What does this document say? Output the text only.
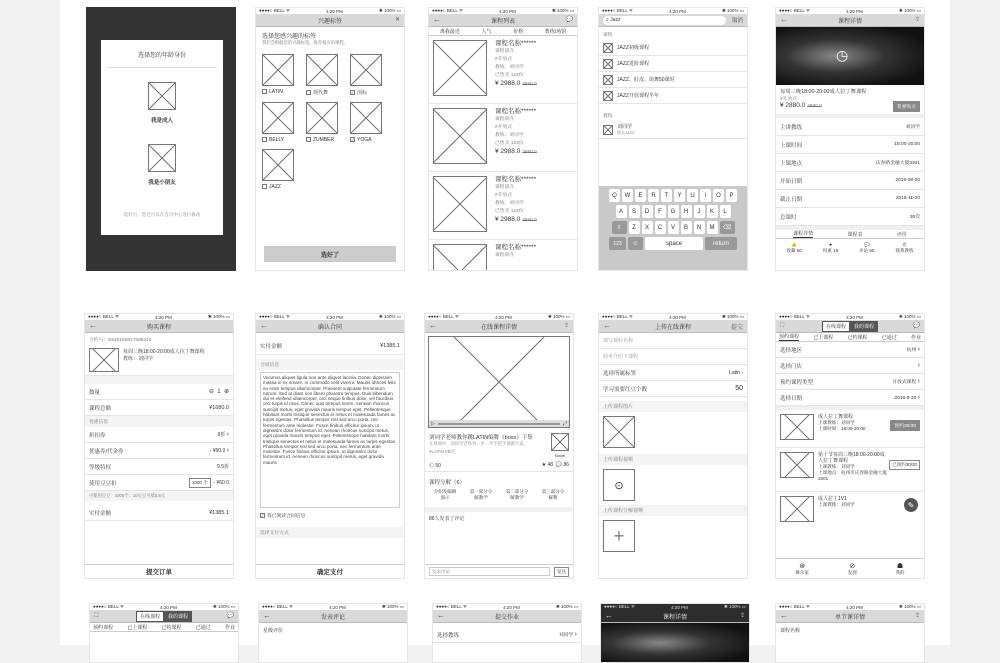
选择您的年龄身份
我是成人
我是小朋友
选好后，您还可以在会员中心进行修改
●●●●○ BELL ᯤ	4:20 PM	✱ 100% ▭
兴趣标签	✕
选择您感兴趣的标签
我们会根据您的兴趣标签，推荐相应的课程。
LATIN	现代舞	✓ 国标
BELLY	ZUMBER	✓ YOGA
JAZZ
选好了
●●●●○ BELL ᯤ	4:20 PM	✱ 100% ▭
←	课程列表	💬
离我最近	人气	价格	教练/场馆
课程名称******
课程简介
#开放式
教练：刘同学
已售卖 123份
¥ 2988.0 3980.0
课程名称******
课程简介
#开放式
教练：刘同学
已售卖 123份
¥ 2988.0 3980.0
课程名称******
课程简介
#开放式
教练：刘同学
已售卖 123份
¥ 2988.0 3980.0
课程名称******
课程简介
●●●●○ BELL ᯤ	4:20 PM	✱ 100% ▭
⌕
Jazz	取消
课程
JAZZ初级课程
JAZZ进阶课程
JAZZ、肚皮、街舞50课时
JAZZ开放课程半年
教练
刘同学
擅长JAZZ
Q	W	E	R	T	Y	U	I	O	P
A	S	D	F	G	H	J	K	L
⇧	Z	X	C	V	B	N	M	⌫
123	☺	space	return
●●●●○ BELL ᯤ	4:20 PM	✱ 100% ▭
←	课程详情	⇪
◷
每周三晚18:00-20:00成人拉丁舞课程
#开放式
¥ 2880.0 3980.0	我要购买
主讲教练	刘同学
上课时间	18:00-20:00
上课地点	庆春路金融大厦3301
开始日期	2016-08-20
截止日期	2016-11-20
总课时	30次
课程详情	课程表	评价
👍
收藏 60
★
权重 19
💬
评论 80
✆
联系教练
●●●●○ BELL ᯤ	4:20 PM	✱ 100% ▭
←	购买课程
合约号：E520160817586310
每周三晚18:00-20:00成人拉丁舞课程
教练：刘同学
数量	⊖  1  ⊕
课程总额	¥1680.0
优惠信息
折扣券	9折 ›
优惠券/代金券	- ¥50.0 ›
等级特权	9.5折
使用豆豆扣	1000 个 - ¥60.0
可使用豆豆：1000个；10豆豆可抵0.6元
实付金额	¥1385.1
提交订单
●●●●○ BELL ᯤ	4:20 PM	✱ 100% ▭
←	确认合同
实付金额	¥1385.1
合同信息
Vivamus aliquet ligula non ante aliquet lacinia. Donec dignissim massa in ex ornare, in commodo velit viverra. Mauris ultrices felis eu enim tempus ullamcorper. Praesent vulputate fermentum rutrum. Sed at diam non libero pharetra tempus. Duis bibendum, dui et eleifend ullamcorper, orci neque finibus dolor, vel faucibus orci turpis id risus. Donec quis tempus lorem. Aenean rhoncus suscipit metus, eget gravida mauris tempus eget. Pellentesque habitant morbi tristique senectus et netus et malesuada fames ac turpis egestas. Phasellus tempor nisl sed arcu porta, nec fermentum ante molestie. Fusce finibus efficitur ipsum, ut dignissim dolor fermentum id. Aenean rhoncus suscipit metus, eget gravida mauris tempus eget. Pellentesque habitant morbi tristique senectus et netus et malesuada fames ac turpis egestas. Phasellus tempor nisl sed arcu porta, nec fermentum ante molestie. Fusce finibus efficitur ipsum, ut dignissim dolor fermentum id. Aenean rhoncus suscipit metus, eget gravida mauris
✓ 我已阅读合同信息
选择支付方式
确定支付
●●●●○ BELL ᯤ	4:20 PM	✱ 100% ▭
←	在线课程详情	⇪
▷	⤢
刘同学老师教你跳LATIN编舞《boss》下集
在视频中，刘同学老师将一步一步手把手地教大家，
#LATIN #B近
Novel
Ⓒ 50	★ 48 💬 86
课程分解（6）
介绍及编舞演示
第一部分分解教学
第二部分分解教学
第三部分分解教
86人发表了评论
发表评论	发送
●●●●○ BELL ᯤ	4:20 PM	✱ 100% ▭
←	上传在线课程	提交
填写课程名称
简单介绍下课程
选择所属标签	Latin ›
学习需要红豆个数	50
上传课程图片
上传课程视频
⊙
上传课程分解视频
+
●●●●○ BELL ᯤ	4:20 PM	✱ 100% ▭
⛶	在线课程	我的课程	💬
预约课程	已上课程	已约课程	已通过	作业
选择地区	杭州 ›
选择门店	›
预约课程类型	开放式课程 ›
选择日期	2016-8-20 ›
成人拉丁舞课程
上课教练：刘同学
上课时间：18:00-20:00	预约30/30
第十节每周三晚18:00-20:00成人拉丁舞课程
上课教练：刘同学
上课地点：杭州市庆春路金融大厦3301
已预约30/30
成人拉丁1V1
上课教练：刘同学	✎
⊛
舞尔家
⊘
发现
☗
我的
●●●●○ BELL ᯤ	4:20 PM	✱ 100% ▭
⛶	在线课程	我的课程	💬
预约课程	已上课程	已约课程	已通过	作业
●●●●○ BELL ᯤ	4:20 PM	✱ 100% ▭
←	发表评论
星级评价
●●●●○ BELL ᯤ	4:20 PM	✱ 100% ▭
←	提交作业
选择教练	刘同学 ›
●●●●○ BELL ᯤ	4:20 PM	✱ 100% ▭
←	课程详情	⇪
●●●●○ BELL ᯤ	4:20 PM	✱ 100% ▭
←	单节课详情	⇪
课程名称
